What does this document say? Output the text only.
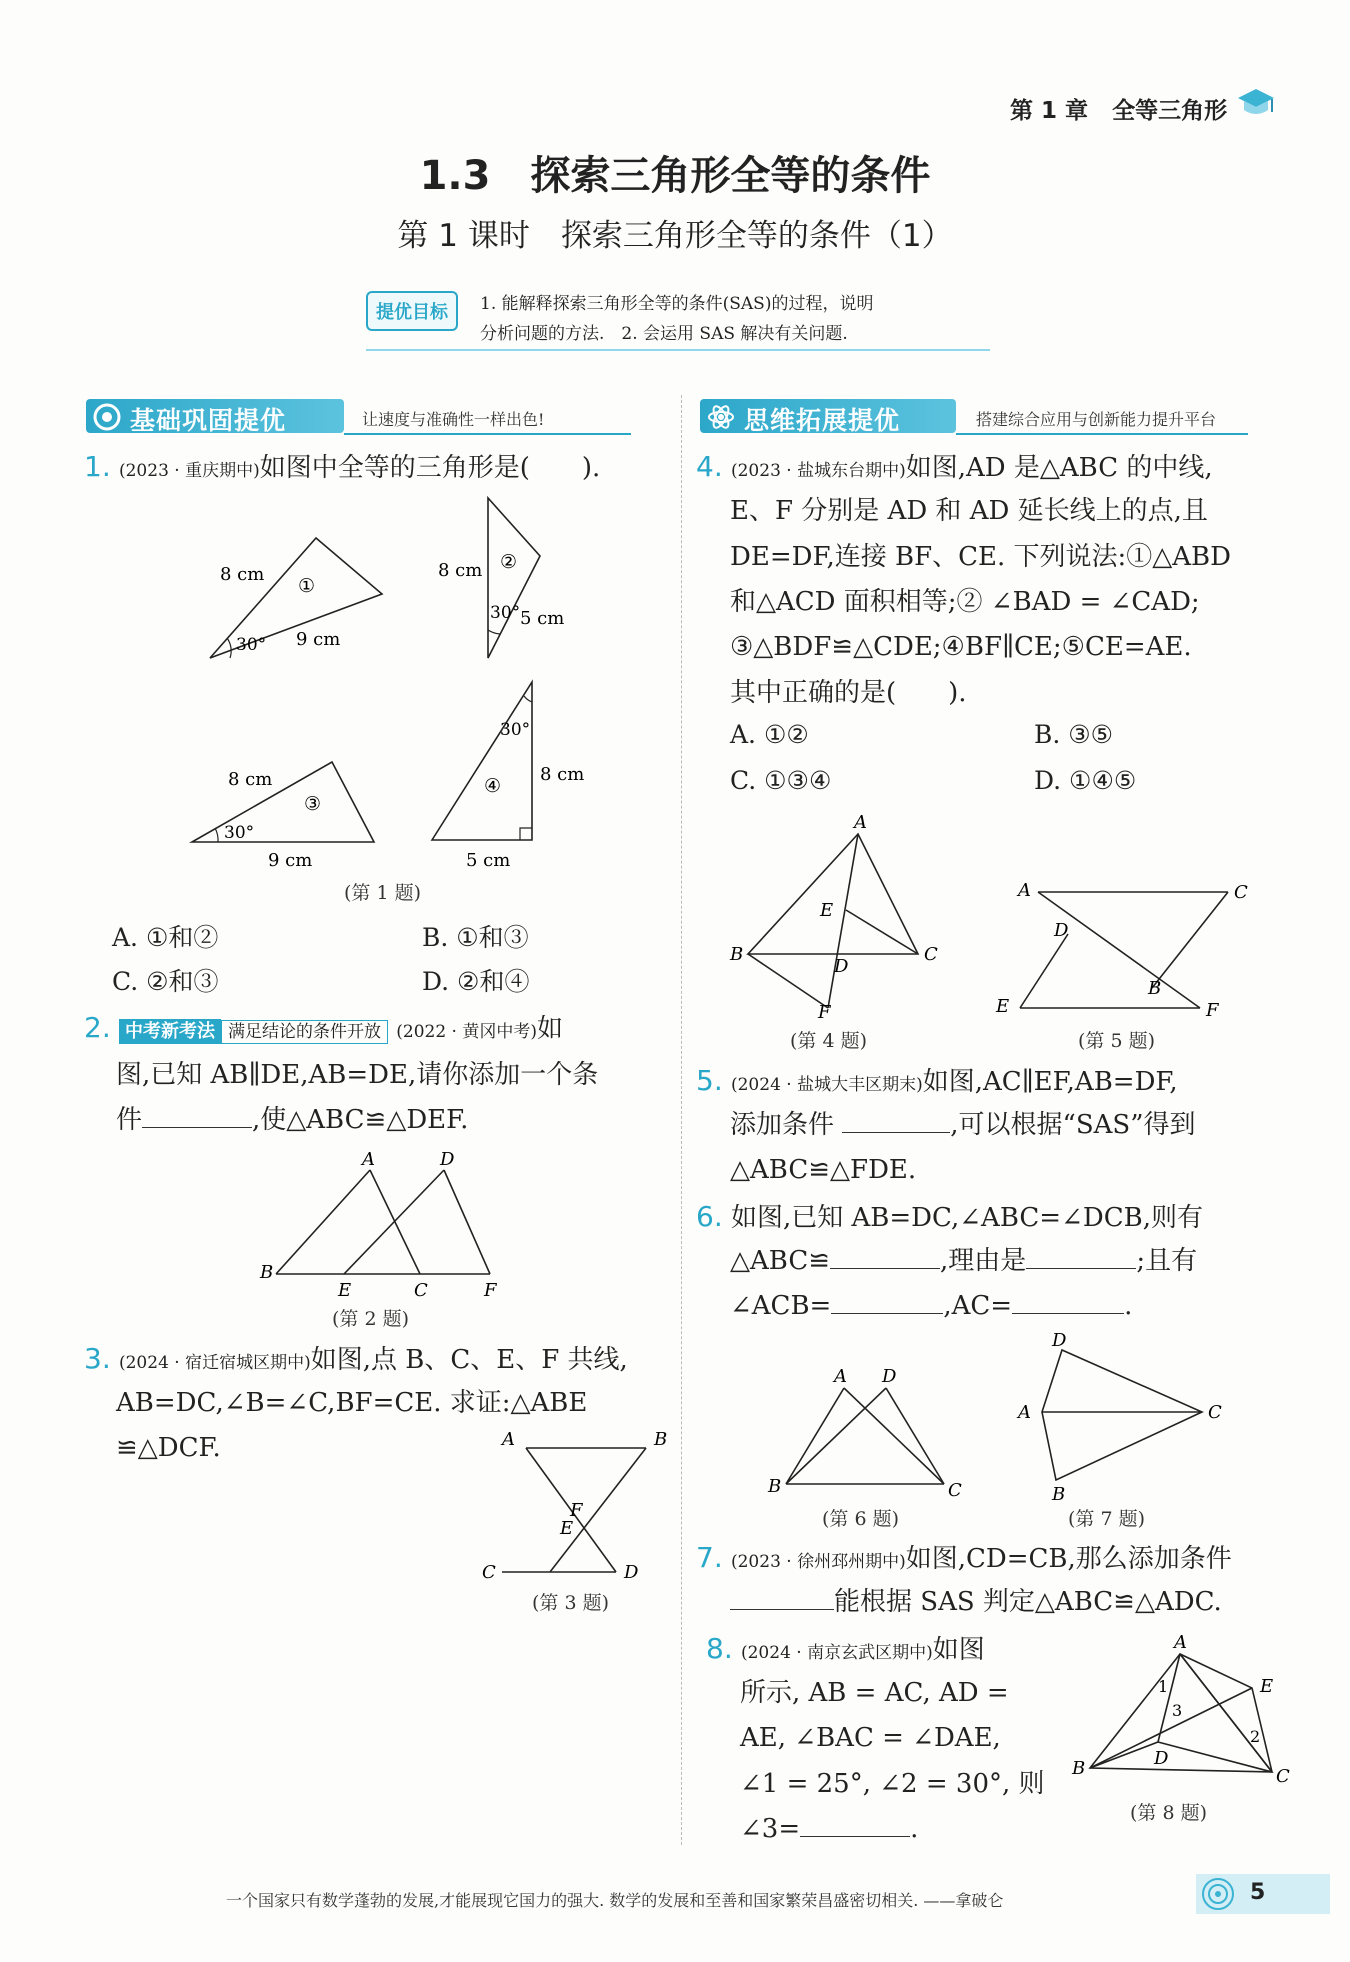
第 1 章 全等三角形
1.3　探索三角形全等的条件
第 1 课时　探索三角形全等的条件（1）
提优目标	1. 能解释探索三角形全等的条件(SAS)的过程，说明
分析问题的方法.　2. 会运用 SAS 解决有关问题.
基础巩固提优	让速度与准确性一样出色!	思维拓展提优	搭建综合应用与创新能力提升平台
1. (2023 · 重庆期中)如图中全等的三角形是(　　).
8 cm
①
30° 9 cm
8 cm ②
30° 5 cm
8 cm
③
30°
9 cm
30°
④
8 cm
5 cm
(第 1 题)
A. ①和②	B. ①和③
C. ②和③	D. ②和④
2. 中考新考法 满足结论的条件开放 (2022 · 黄冈中考)如
图,已知 AB∥DE,AB=DE,请你添加一个条
件	,使△ABC≌△DEF.
A	D
B
E	C	F
(第 2 题)
3. (2024 · 宿迁宿城区期中)如图,点 B、C、E、F 共线,
AB=DC,∠B=∠C,BF=CE. 求证:△ABE
≌△DCF.	A	B
F
E
C	D
(第 3 题)
4. (2023 · 盐城东台期中)如图,AD 是△ABC 的中线,
E、F 分别是 AD 和 AD 延长线上的点,且
DE=DF,连接 BF、CE. 下列说法:①△ABD
和△ACD 面积相等;② ∠BAD = ∠CAD;
③△BDF≌△CDE;④BF∥CE;⑤CE=AE.
其中正确的是(　　).
A. ①②	B. ③⑤
C. ①③④	D. ①④⑤
A
E
B
D
C
F
(第 4 题)
A	C
D
B
E	F
(第 5 题)
5. (2024 · 盐城大丰区期末)如图,AC∥EF,AB=DF,
添加条件	,可以根据“SAS”得到
△ABC≌△FDE.
6. 如图,已知 AB=DC,∠ABC=∠DCB,则有
△ABC≌	,理由是	;且有
∠ACB=	,AC=	.
A D
B	C
(第 6 题)
D
A	C
B
(第 7 题)
7. (2023 · 徐州邳州期中)如图,CD=CB,那么添加条件
能根据 SAS 判定△ABC≌△ADC.
8. (2024 · 南京玄武区期中)如图
所示, AB = AC, AD =
AE, ∠BAC = ∠DAE,
∠1 = 25°, ∠2 = 30°, 则
∠3=	.
A
E
1
3
2
D
B	C
(第 8 题)
一个国家只有数学蓬勃的发展,才能展现它国力的强大. 数学的发展和至善和国家繁荣昌盛密切相关. ——拿破仑	5
